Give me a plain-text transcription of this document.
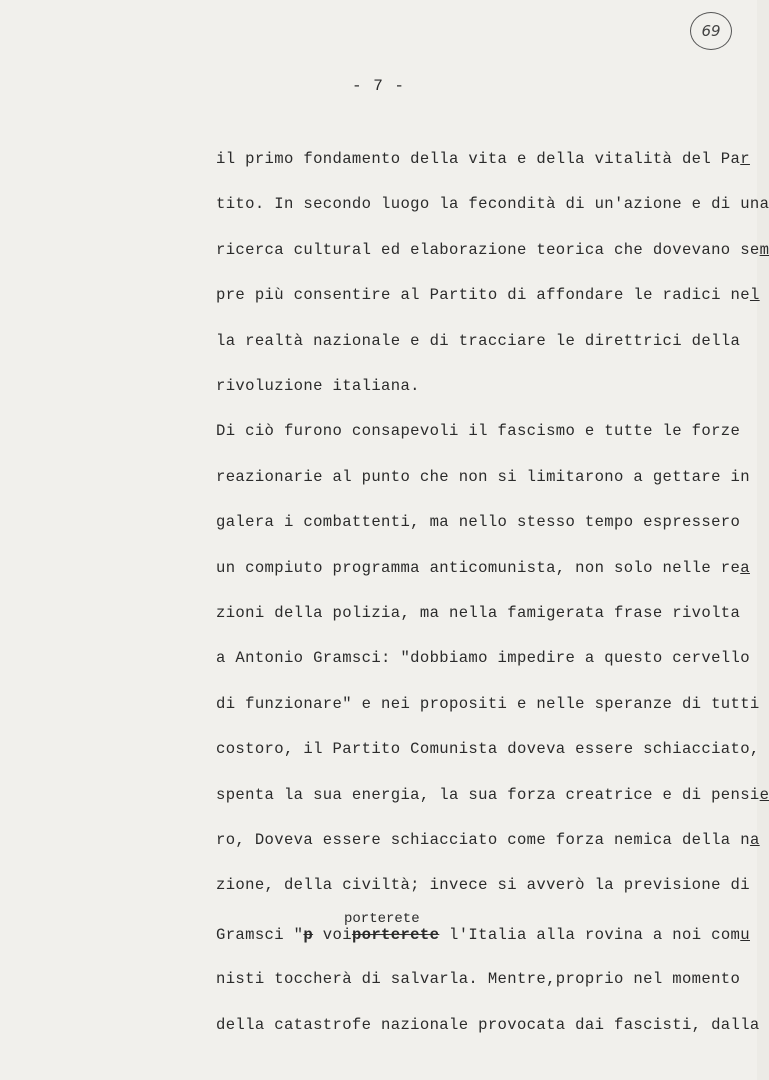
69
- 7 -
il primo fondamento della vita e della vitalità del Par
tito. In secondo luogo la fecondità di un'azione e di una
ricerca cultural ed elaborazione teorica che dovevano sem
pre più consentire al Partito di affondare le radici nel
la realtà nazionale e di tracciare le direttrici della
rivoluzione italiana.
Di ciò furono consapevoli il fascismo e tutte le forze
reazionarie al punto che non si limitarono a gettare in
galera i combattenti, ma nello stesso tempo espressero
un compiuto programma anticomunista, non solo nelle rea
zioni della polizia, ma nella famigerata frase rivolta
a Antonio Gramsci: "dobbiamo impedire a questo cervello
di funzionare" e nei propositi e nelle speranze di tutti
costoro, il Partito Comunista doveva essere schiacciato,
spenta la sua energia, la sua forza creatrice e di pensie
ro, Doveva essere schiacciato come forza nemica della na
zione, della civiltà; invece si avverò la previsione di
porterete
Gramsci "p voiporterete l'Italia alla rovina a noi comu
nisti toccherà di salvarla. Mentre,proprio nel momento
della catastrofe nazionale provocata dai fascisti, dalla
